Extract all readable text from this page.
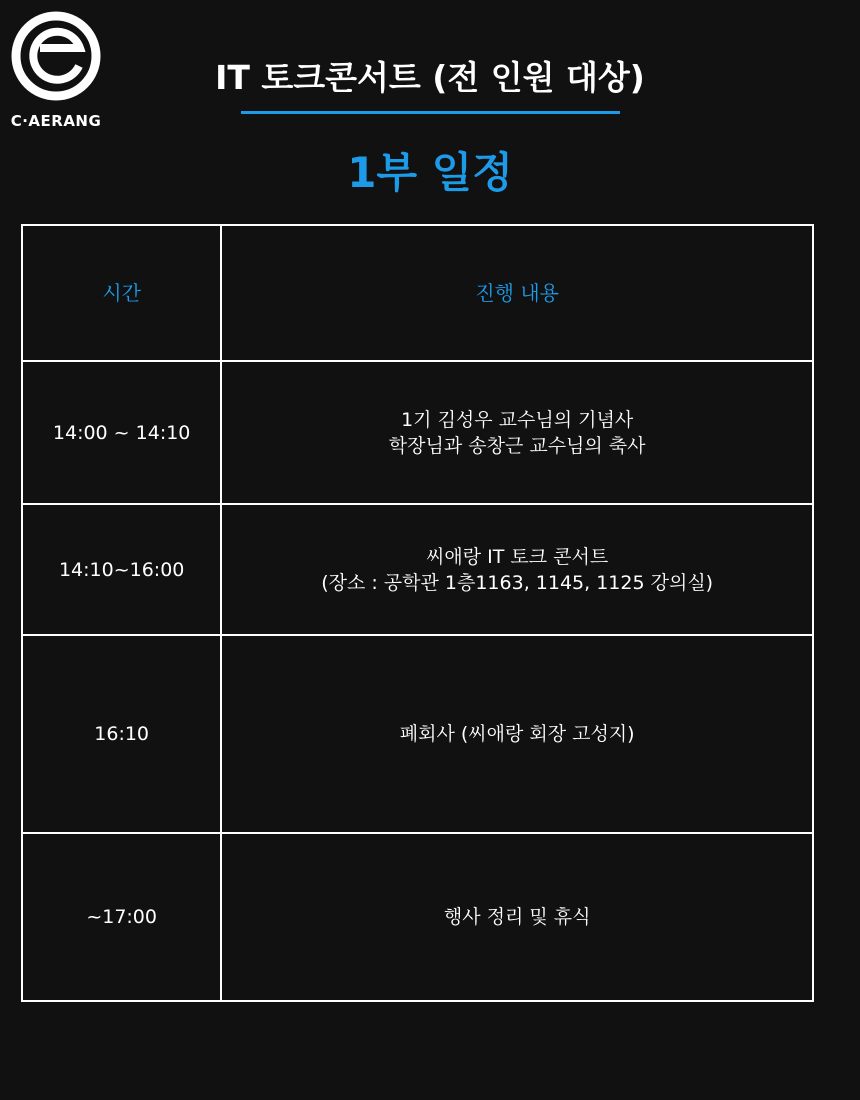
C·AERANG
IT 토크콘서트 (전 인원 대상)
1부 일정
시간	진행 내용
14:00 ~ 14:10	1기 김성우 교수님의 기념사
학장님과 송창근 교수님의 축사

14:10~16:00	씨애랑 IT 토크 콘서트
(장소 : 공학관 1층1163, 1145, 1125 강의실)

16:10	폐회사 (씨애랑 회장 고성지)

~17:00	행사 정리 및 휴식
